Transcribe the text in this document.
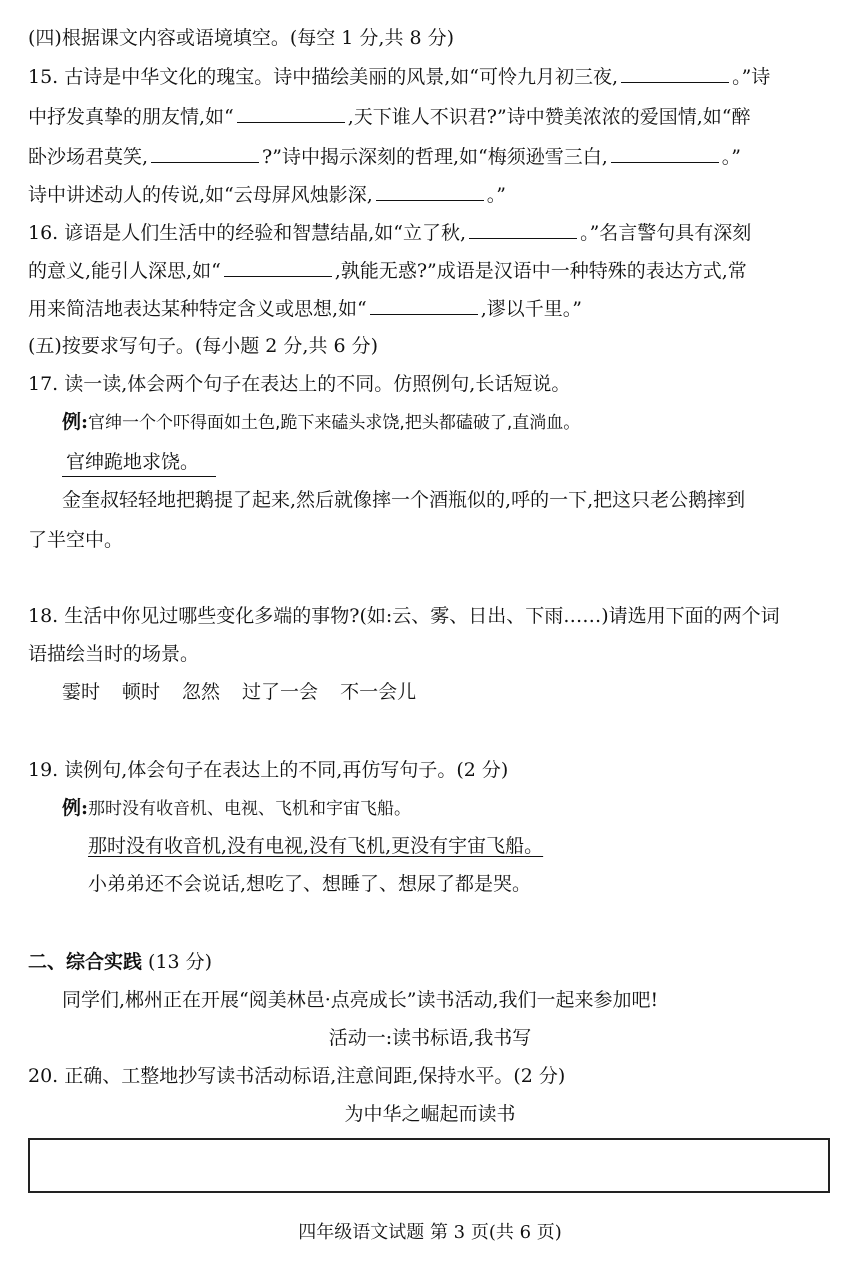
(四)根据课文内容或语境填空。(每空 1 分,共 8 分)
15. 古诗是中华文化的瑰宝。诗中描绘美丽的风景,如“可怜九月初三夜,	。”诗
中抒发真挚的朋友情,如“	,天下谁人不识君?”诗中赞美浓浓的爱国情,如“醉
卧沙场君莫笑,	?”诗中揭示深刻的哲理,如“梅须逊雪三白,	。”
诗中讲述动人的传说,如“云母屏风烛影深,	。”
16. 谚语是人们生活中的经验和智慧结晶,如“立了秋,	。”名言警句具有深刻
的意义,能引人深思,如“	,孰能无惑?”成语是汉语中一种特殊的表达方式,常
用来简洁地表达某种特定含义或思想,如“	,谬以千里。”
(五)按要求写句子。(每小题 2 分,共 6 分)
17. 读一读,体会两个句子在表达上的不同。仿照例句,长话短说。
例:官绅一个个吓得面如土色,跪下来磕头求饶,把头都磕破了,直淌血。
官绅跪地求饶。
金奎叔轻轻地把鹅提了起来,然后就像摔一个酒瓶似的,呼的一下,把这只老公鹅摔到
了半空中。
18. 生活中你见过哪些变化多端的事物?(如:云、雾、日出、下雨……)请选用下面的两个词
语描绘当时的场景。
霎时 顿时 忽然 过了一会 不一会儿
19. 读例句,体会句子在表达上的不同,再仿写句子。(2 分)
例:那时没有收音机、电视、飞机和宇宙飞船。
那时没有收音机,没有电视,没有飞机,更没有宇宙飞船。
小弟弟还不会说话,想吃了、想睡了、想尿了都是哭。
二、综合实践 (13 分)
同学们,郴州正在开展“阅美林邑·点亮成长”读书活动,我们一起来参加吧!
活动一:读书标语,我书写
20. 正确、工整地抄写读书活动标语,注意间距,保持水平。(2 分)
为中华之崛起而读书
四年级语文试题 第 3 页(共 6 页)
